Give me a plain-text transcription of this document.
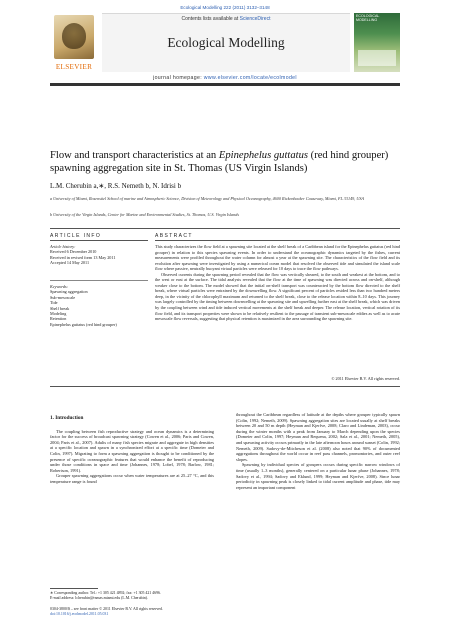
Ecological Modelling 222 (2011) 3132–3148
ELSEVIER
Contents lists available at ScienceDirect
Ecological Modelling
ECOLOGICAL MODELLING
journal homepage: www.elsevier.com/locate/ecolmodel
Flow and transport characteristics at an Epinephelus guttatus (red hind grouper) spawning aggregation site in St. Thomas (US Virgin Islands)
L.M. Cherubin a,∗, R.S. Nemeth b, N. Idrisi b
a University of Miami, Rosenstiel School of marine and Atmospheric Science, Division of Meteorology and Physical Oceanography, 4600 Rickenbacker Causeway, Miami, FL 33149, USA
b University of the Virgin Islands, Center for Marine and Environmental Studies, St. Thomas, U.S. Virgin Islands
ARTICLE INFO	ABSTRACT
Article history:
Received 6 December 2010
Received in revised form 13 May 2011
Accepted 14 May 2011
Keywords:
Spawning aggregation
Sub-mesoscale
Tide
Shelf break
Modeling
Retention
Epinephelus guttatus (red hind grouper)

This study characterizes the flow field at a spawning site located at the shelf break of a Caribbean island for the Epinephelus guttatus (red hind grouper) in relation to this species spawning events. In order to understand the oceanographic dynamics targeted by the fishes, current measurements were profiled throughout the water column for almost a year at the spawning site. The characteristics of the flow field and its evolution after spawning were investigated by using a numerical ocean model that resolved the observed tide and simulated the island scale flow where passive, neutrally buoyant virtual particles were released for 10 days to trace the flow pathways.

Observed currents during the spawning period revealed that the flow was vertically sheared, to the south and weakest at the bottom, and to the west or east at the surface. The tidal analysis revealed that the flow at the time of spawning was directed across and on-shelf, although weaker close to the bottom. The model showed that the initial on-shelf transport was counteracted by the bottom flow directed to the shelf break, where virtual particles were entrained by the downwelling flow. A significant percent of particles resided less than two hundred meters deep, in the vicinity of the chlorophyll maximum and returned to the shelf break, close to the release location within 8–10 days. This journey was largely controlled by the timing between downwelling at the spawning site and upwelling further east at the shelf break, which was driven by the coupling between wind and tide induced vertical movements at the shelf break and deeper. The release location, vertical rotation of its flow field, and its transport properties were shown to be relatively resilient to the passage of transient sub-mesoscale eddies as well as to acute mesoscale flow reversals, suggesting that physical retention is maximized in the area surrounding the spawning site.

© 2011 Elsevier B.V. All rights reserved.
1. Introduction

The coupling between fish reproductive strategy and ocean dynamics is a determining factor for the success of broadcast spawning strategy (Cowen et al., 2006; Paris and Cowen, 2004; Paris et al., 2007). Adults of many fish species migrate and aggregate in high densities at a specific location and spawn in a synchronized effort at a specific time (Domeier and Colin, 1997). Migrating to form a spawning aggregation is thought to be conditioned by the presence of specific oceanographic features that would enhance the benefit of reproducing under those conditions in space and time (Johannes, 1978; Lobel, 1978; Barlow, 1981; Robertson, 1991).

Grouper spawning aggregations occur when water temperatures are at 25–27 °C, and this temperature range is found

throughout the Caribbean regardless of latitude at the depths where grouper typically spawn (Colin, 1992; Nemeth, 2009). Spawning aggregation sites are located usually at shelf breaks between 20 and 50 m depth (Heyman and Kjerfve, 2008; Claro and Lindeman, 2003), occur during the winter months with a peak from January to March depending upon the species (Domeier and Colin, 1997; Heyman and Requena, 2002; Sala et al., 2001; Nemeth, 2005), and spawning activity occurs primarily in the late afternoon hours around sunset (Colin, 1992; Nemeth, 2009). Sadovy-de-Mitcheson et al. (2008) also noted that 90% of documented aggregations throughout the world occur in reef pass channels, promontories, and outer reef slopes.

Spawning by individual species of groupers occurs during specific narrow windows of time (usually 1–3 months), generally centered on a particular lunar phase (Johannes, 1978; Sadovy et al., 1994; Sadovy and Eklund, 1999; Heyman and Kjerfve, 2008). Since lunar periodicity in spawning peak is closely linked to tidal current amplitude and phase, tide may represent an important component

∗ Corresponding author. Tel.: +1 305 421 4892; fax: +1 305 421 4696.
E-mail address: lcherubin@rsmas.miami.edu (L.M. Cherubin).
0304-3800/$ – see front matter © 2011 Elsevier B.V. All rights reserved.
doi:10.1016/j.ecolmodel.2011.05.031
